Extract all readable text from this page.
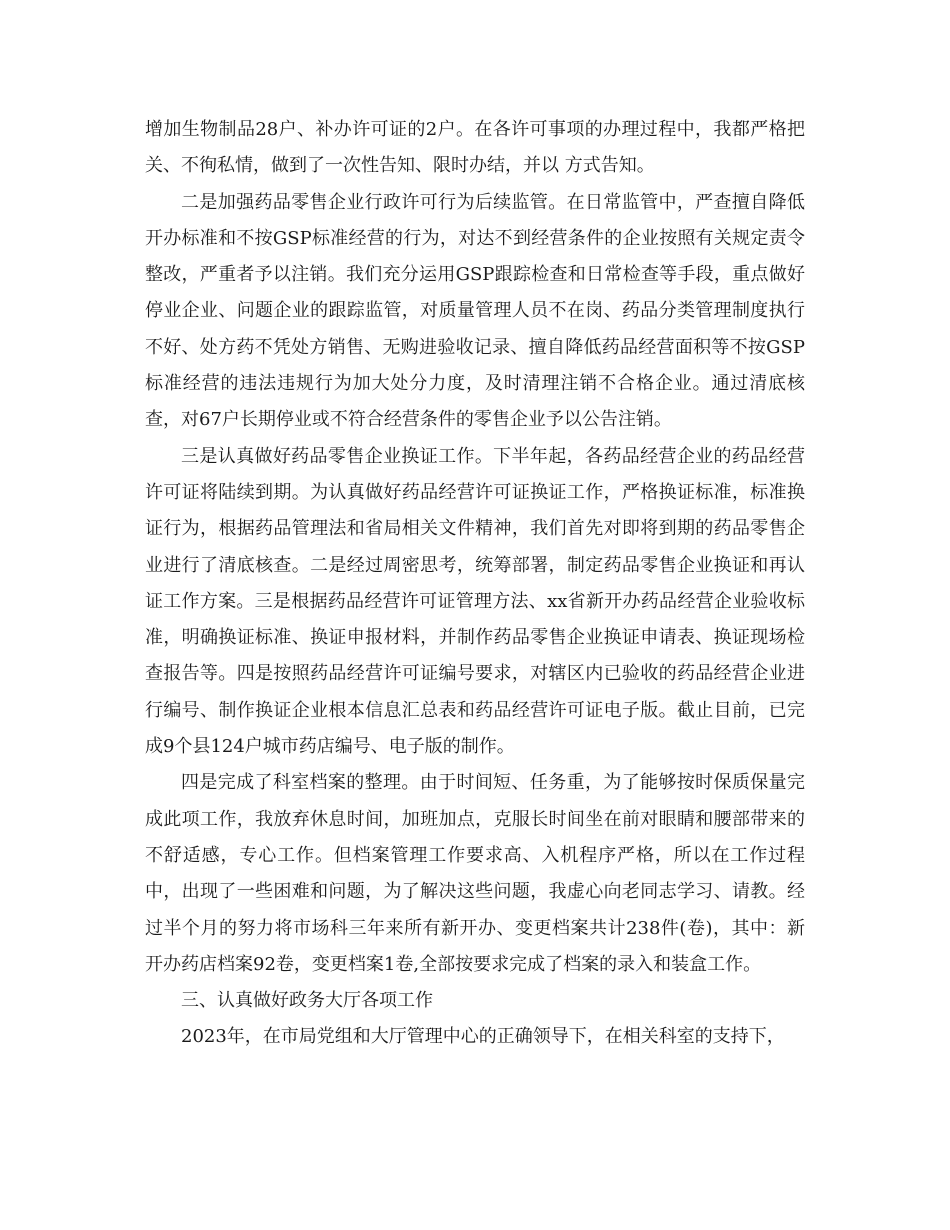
增加生物制品28户、补办许可证的2户。在各许可事项的办理过程中，我都严格把关、不徇私情，做到了一次性告知、限时办结，并以 方式告知。

二是加强药品零售企业行政许可行为后续监管。在日常监管中，严查擅自降低开办标准和不按GSP标准经营的行为，对达不到经营条件的企业按照有关规定责令整改，严重者予以注销。我们充分运用GSP跟踪检查和日常检查等手段，重点做好停业企业、问题企业的跟踪监管，对质量管理人员不在岗、药品分类管理制度执行不好、处方药不凭处方销售、无购进验收记录、擅自降低药品经营面积等不按GSP标准经营的违法违规行为加大处分力度，及时清理注销不合格企业。通过清底核查，对67户长期停业或不符合经营条件的零售企业予以公告注销。

三是认真做好药品零售企业换证工作。下半年起，各药品经营企业的药品经营许可证将陆续到期。为认真做好药品经营许可证换证工作，严格换证标准，标准换证行为，根据药品管理法和省局相关文件精神，我们首先对即将到期的药品零售企业进行了清底核查。二是经过周密思考，统筹部署，制定药品零售企业换证和再认证工作方案。三是根据药品经营许可证管理方法、xx省新开办药品经营企业验收标准，明确换证标准、换证申报材料，并制作药品零售企业换证申请表、换证现场检查报告等。四是按照药品经营许可证编号要求，对辖区内已验收的药品经营企业进行编号、制作换证企业根本信息汇总表和药品经营许可证电子版。截止目前，已完成9个县124户城市药店编号、电子版的制作。

四是完成了科室档案的整理。由于时间短、任务重，为了能够按时保质保量完成此项工作，我放弃休息时间，加班加点，克服长时间坐在前对眼睛和腰部带来的不舒适感，专心工作。但档案管理工作要求高、入机程序严格，所以在工作过程中，出现了一些困难和问题，为了解决这些问题，我虚心向老同志学习、请教。经过半个月的努力将市场科三年来所有新开办、变更档案共计238件(卷)，其中：新开办药店档案92卷，变更档案1卷,全部按要求完成了档案的录入和装盒工作。

三、认真做好政务大厅各项工作

2023年，在市局党组和大厅管理中心的正确领导下，在相关科室的支持下，
